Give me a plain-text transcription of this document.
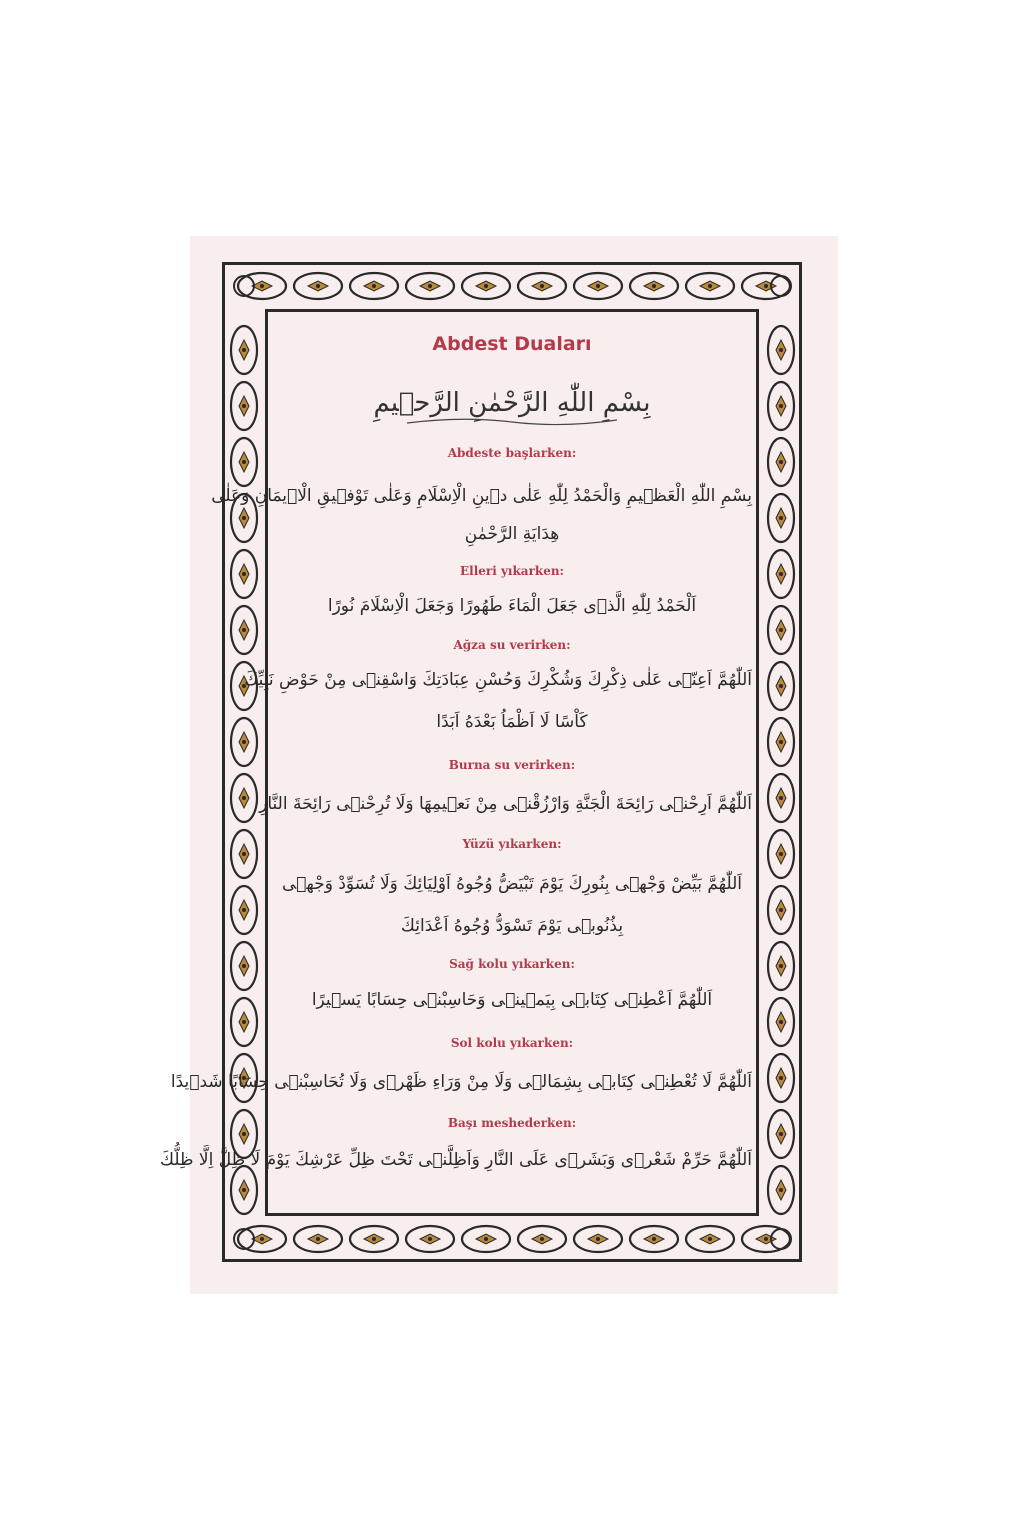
Abdest Duaları
بِسْمِ اللّٰهِ الرَّحْمٰنِ الرَّح۪يمِ
Abdeste başlarken:
بِسْمِ اللّٰهِ الْعَظ۪يمِ وَالْحَمْدُ لِلّٰهِ عَلٰى د۪ينِ الْاِسْلَامِ وَعَلٰى تَوْف۪يقِ الْا۪يمَانِ وَعَلٰى
هِدَايَةِ الرَّحْمٰنِ
Elleri yıkarken:
اَلْحَمْدُ لِلّٰهِ الَّذ۪ى جَعَلَ الْمَاءَ طَهُورًا وَجَعَلَ الْاِسْلَامَ نُورًا
Ağza su verirken:
اَللّٰهُمَّ اَعِنّ۪ى عَلٰى ذِكْرِكَ وَشُكْرِكَ وَحُسْنِ عِبَادَتِكَ وَاسْقِن۪ى مِنْ حَوْضِ نَبِيِّكَ
كَاْسًا لَا اَظْمَاُ بَعْدَهُ اَبَدًا
Burna su verirken:
اَللّٰهُمَّ اَرِحْن۪ى رَائِحَةَ الْجَنَّةِ وَارْزُقْن۪ى مِنْ نَع۪يمِهَا وَلَا تُرِحْن۪ى رَائِحَةَ النَّارِ
Yüzü yıkarken:
اَللّٰهُمَّ بَيِّضْ وَجْه۪ى بِنُورِكَ يَوْمَ تَبْيَضُّ وُجُوهُ اَوْلِيَائِكَ وَلَا تُسَوِّدْ وَجْه۪ى
بِذُنُوب۪ى يَوْمَ تَسْوَدُّ وُجُوهُ اَعْدَائِكَ
Sağ kolu yıkarken:
اَللّٰهُمَّ اَعْطِن۪ى كِتَاب۪ى بِيَم۪ين۪ى وَحَاسِبْن۪ى حِسَابًا يَس۪يرًا
Sol kolu yıkarken:
اَللّٰهُمَّ لَا تُعْطِن۪ى كِتَاب۪ى بِشِمَال۪ى وَلَا مِنْ وَرَاءِ ظَهْر۪ى وَلَا تُحَاسِبْن۪ى حِسَابًا شَد۪يدًا
Başı meshederken:
اَللّٰهُمَّ حَرِّمْ شَعْر۪ى وَبَشَر۪ى عَلَى النَّارِ وَاَظِلَّن۪ى تَحْتَ ظِلِّ عَرْشِكَ يَوْمَ لَا ظِلَّ اِلَّا ظِلُّكَ
